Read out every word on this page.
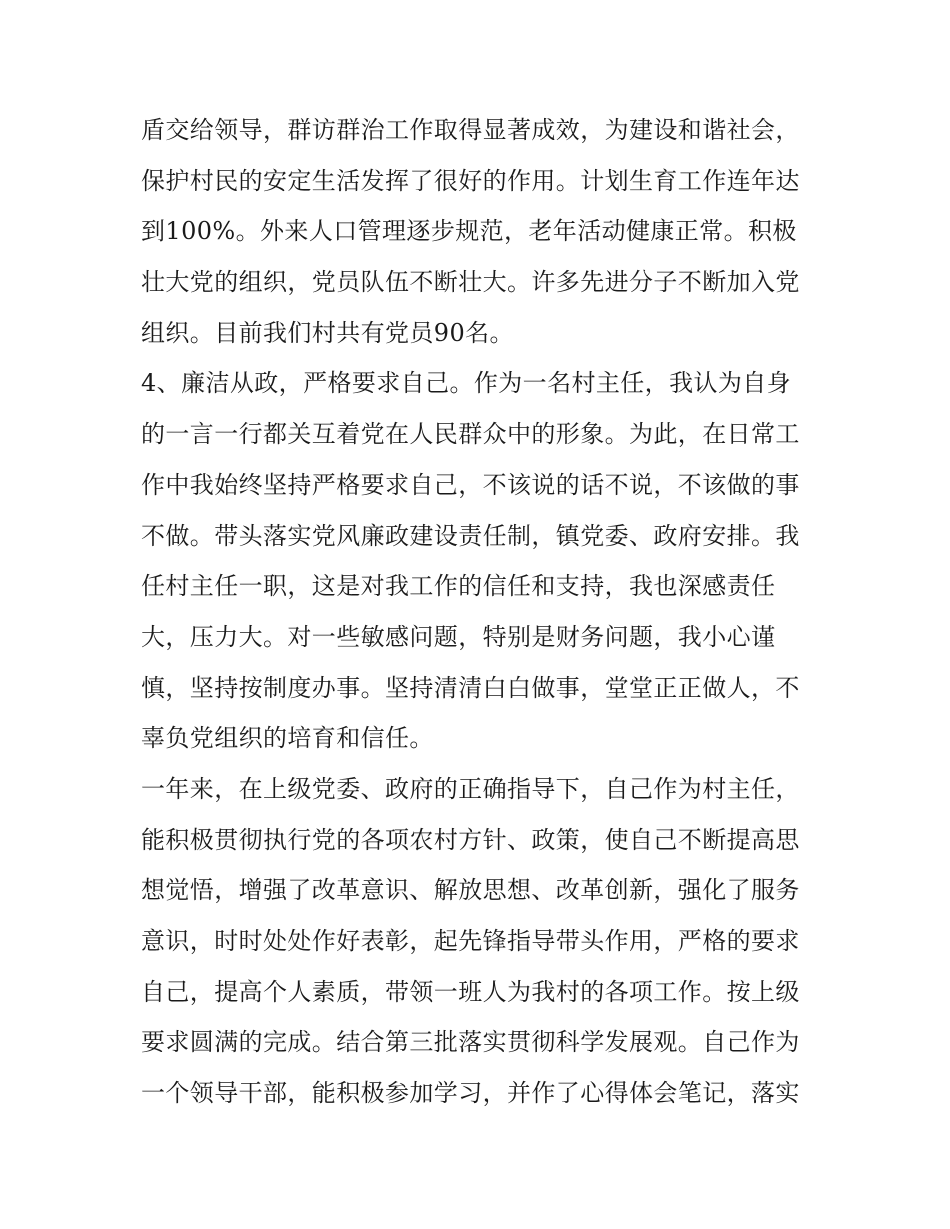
盾交给领导，群访群治工作取得显著成效，为建设和谐社会，
保护村民的安定生活发挥了很好的作用。计划生育工作连年达
到100%。外来人口管理逐步规范，老年活动健康正常。积极
壮大党的组织，党员队伍不断壮大。许多先进分子不断加入党
组织。目前我们村共有党员90名。
4、廉洁从政，严格要求自己。作为一名村主任，我认为自身
的一言一行都关互着党在人民群众中的形象。为此，在日常工
作中我始终坚持严格要求自己，不该说的话不说，不该做的事
不做。带头落实党风廉政建设责任制，镇党委、政府安排。我
任村主任一职，这是对我工作的信任和支持，我也深感责任
大，压力大。对一些敏感问题，特别是财务问题，我小心谨
慎，坚持按制度办事。坚持清清白白做事，堂堂正正做人，不
辜负党组织的培育和信任。
一年来，在上级党委、政府的正确指导下，自己作为村主任，
能积极贯彻执行党的各项农村方针、政策，使自己不断提高思
想觉悟，增强了改革意识、解放思想、改革创新，强化了服务
意识，时时处处作好表彰，起先锋指导带头作用，严格的要求
自己，提高个人素质，带领一班人为我村的各项工作。按上级
要求圆满的完成。结合第三批落实贯彻科学发展观。自己作为
一个领导干部，能积极参加学习，并作了心得体会笔记，落实
